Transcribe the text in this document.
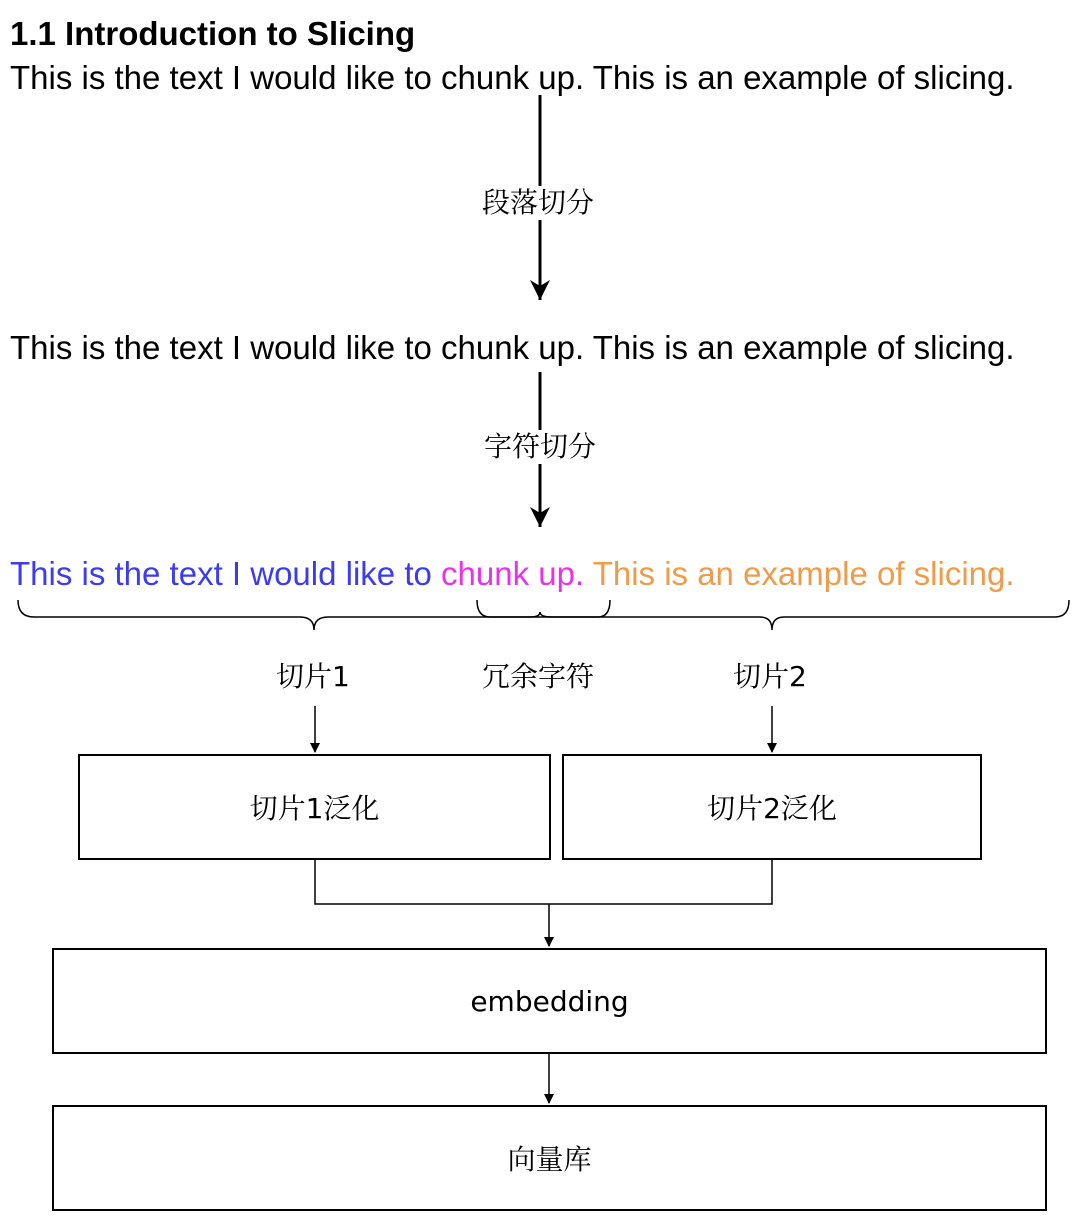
1.1 Introduction to Slicing
This is the text I would like to chunk up. This is an example of slicing.
段落切分
This is the text I would like to chunk up. This is an example of slicing.
字符切分
This is the text I would like to chunk up. This is an example of slicing.
切片1	冗余字符	切片2
切片1泛化	切片2泛化
embedding
向量库
